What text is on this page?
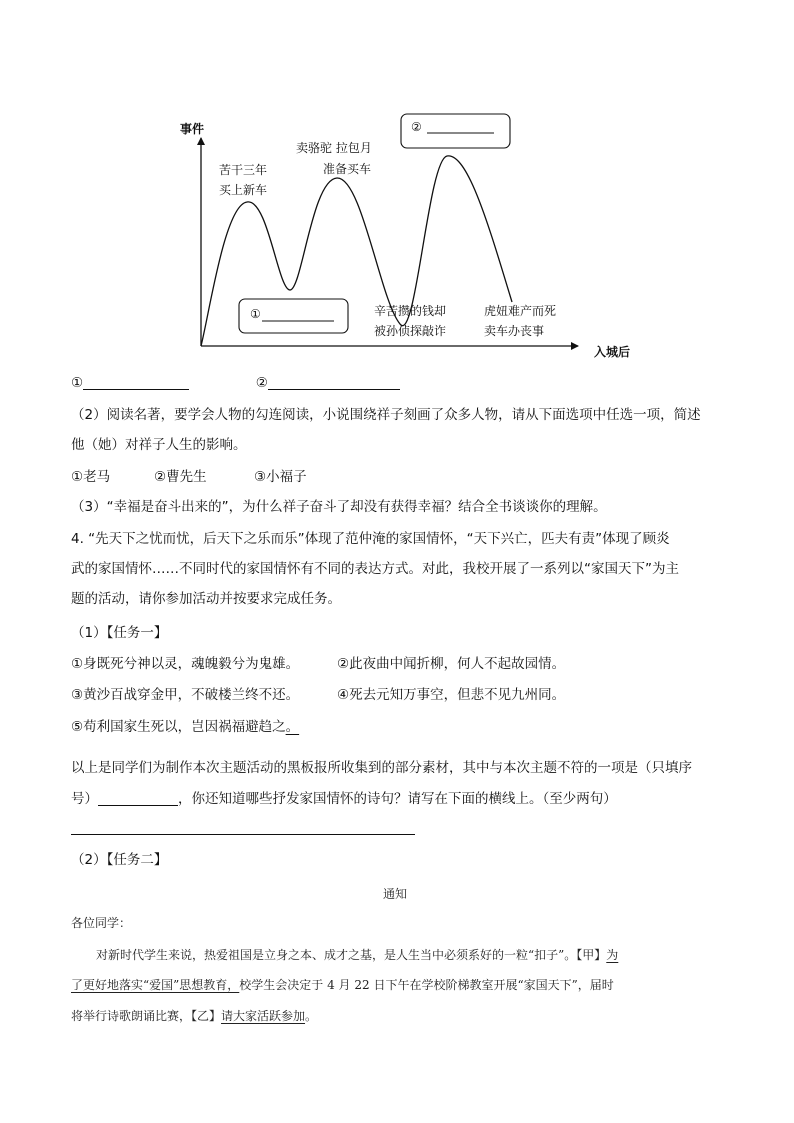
①
②
事件
入城后
苦干三年
买上新车
卖骆驼 拉包月
准备买车
辛苦攒的钱却
被孙侦探敲诈
虎妞难产而死
卖车办丧事
①	②
（2）阅读名著，要学会人物的勾连阅读，小说围绕祥子刻画了众多人物，请从下面选项中任选一项，简述
他（她）对祥子人生的影响。
①老马	②曹先生	③小福子
（3）“幸福是奋斗出来的”，为什么祥子奋斗了却没有获得幸福？结合全书谈谈你的理解。
4. “先天下之忧而忧，后天下之乐而乐”体现了范仲淹的家国情怀，“天下兴亡，匹夫有责”体现了顾炎
武的家国情怀……不同时代的家国情怀有不同的表达方式。对此，我校开展了一系列以“家国天下”为主
题的活动，请你参加活动并按要求完成任务。
（1）【任务一】
①身既死兮神以灵，魂魄毅兮为鬼雄。	②此夜曲中闻折柳，何人不起故园情。
③黄沙百战穿金甲，不破楼兰终不还。	④死去元知万事空，但悲不见九州同。
⑤苟利国家生死以，岂因祸福避趋之。
以上是同学们为制作本次主题活动的黑板报所收集到的部分素材，其中与本次主题不符的一项是（只填序
号）	，你还知道哪些抒发家国情怀的诗句？请写在下面的横线上。（至少两句）
（2）【任务二】
通知
各位同学：
对新时代学生来说，热爱祖国是立身之本、成才之基，是人生当中必须系好的一粒“扣子”。【甲】为
了更好地落实“爱国”思想教育，校学生会决定于 4 月 22 日下午在学校阶梯教室开展“家国天下”，届时
将举行诗歌朗诵比赛，【乙】请大家活跃参加。
